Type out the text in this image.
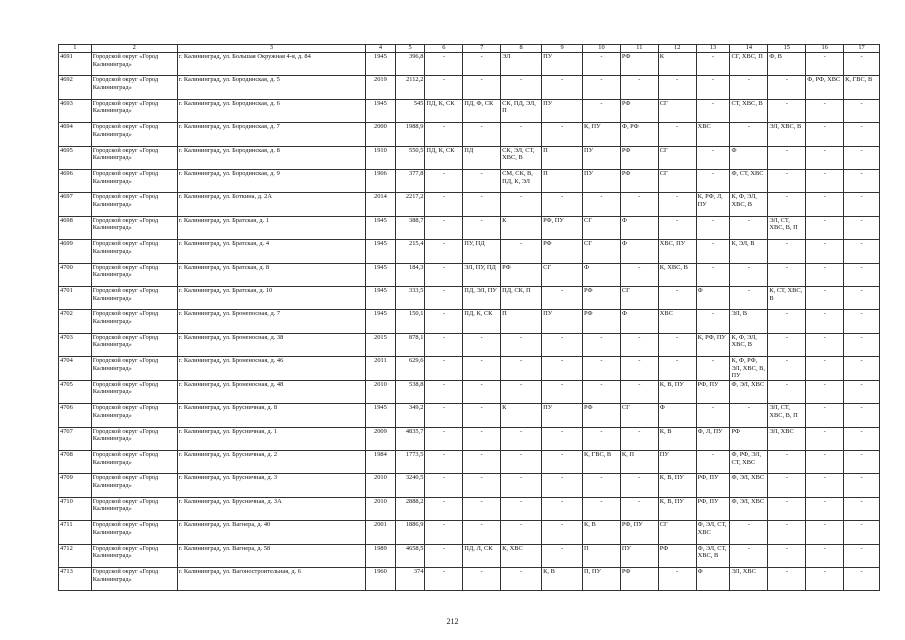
1	2	3	4	5	6	7	8	9	10	11	12	13	14	15	16	17
4691	Городской округ «Город Калининград»	г. Калининград, ул. Большая Окружная 4-я, д. 84	1945	396,8	-	-	ЭЛ	ПУ	-	РФ	К	-	СГ, ХВС, П	Ф, В	-	-
4692	Городской округ «Город Калининград»	г. Калининград, ул. Бородинская, д. 5	2019	2112,2	-	-	-	-	-	-	-	-	-	-	Ф, РФ, ХВС	К, ГВС, В
4693	Городской округ «Город Калининград»	г. Калининград, ул. Бородинская, д. 6	1945	545	ПД, К, СК	ПД, Ф, СК	СК, ПД, ЭЛ, П	ПУ	-	РФ	СГ	-	СТ, ХВС, В	-	-	-
4694	Городской округ «Город Калининград»	г. Калининград, ул. Бородинская, д. 7	2000	1988,9	-	-	-	-	К, ПУ	Ф, РФ	-	ХВС	-	ЭЛ, ХВС, В	-	-
4695	Городской округ «Город Калининград»	г. Калининград, ул. Бородинская, д. 8	1910	550,5	ПД, К, СК	ПД	СК, ЭЛ, СТ, ХВС, В	П	ПУ	РФ	СГ	-	Ф	-	-	-
4696	Городской округ «Город Калининград»	г. Калининград, ул. Бородинская, д. 9	1906	377,8	-	-	СМ, СК, В, ПД, К, ЭЛ	П	ПУ	РФ	СГ	-	Ф, СТ, ХВС	-	-	-
4697	Городской округ «Город Калининград»	г. Калининград, ул. Боткина, д. 2А	2014	2217,2	-	-	-	-	-	-	-	К, РФ, Л, ПУ	К, Ф, ЭЛ, ХВС, В	-	-	-
4698	Городской округ «Город Калининград»	г. Калининград, ул. Братская, д. 1	1945	388,7	-	-	К	РФ, ПУ	СГ	Ф	-	-	-	ЭЛ, СТ, ХВС, В, П	-	-
4699	Городской округ «Город Калининград»	г. Калининград, ул. Братская, д. 4	1945	215,4	-	ПУ, ПД	-	РФ	СГ	Ф	ХВС, ПУ	-	К, ЭЛ, В	-	-	-
4700	Городской округ «Город Калининград»	г. Калининград, ул. Братская, д. 8	1945	184,3	-	ЭЛ, ПУ, ПД	РФ	СГ	Ф	-	К, ХВС, В	-	-	-	-	-
4701	Городской округ «Город Калининград»	г. Калининград, ул. Братская, д. 10	1945	333,5	-	ПД, ЭЛ, ПУ	ПД, СК, П	-	РФ	СГ	-	Ф	-	К, СТ, ХВС, В	-	-
4702	Городской округ «Город Калининград»	г. Калининград, ул. Бронепосная, д. 7	1945	150,1	-	ПД, К, СК	П	ПУ	РФ	Ф	ХВС	-	ЭЛ, В	-	-	-
4703	Городской округ «Город Калининград»	г. Калининград, ул. Броненосная, д. 38	2015	878,1	-	-	-	-	-	-	-	К, РФ, ПУ	К, Ф, ЭЛ, ХВС, В	-	-	-
4704	Городской округ «Город Калининград»	г. Калининград, ул. Броненосная, д. 46	2011	629,6	-	-	-	-	-	-	-	-	К, Ф, РФ, ЭЛ, ХВС, В, ПУ	-	-	-
4705	Городской округ «Город Калининград»	г. Калининград, ул. Броненосная, д. 48	2010	538,8	-	-	-	-	-	-	К, В, ПУ	РФ, ПУ	Ф, ЭЛ, ХВС	-	-	-
4706	Городской округ «Город Калининград»	г. Калининград, ул. Брусничная, д. 8	1945	349,2	-	-	К	ПУ	РФ	СГ	Ф	-	-	ЭЛ, СТ, ХВС, В, П	-	-
4707	Городской округ «Город Калининград»	г. Калининград, ул. Брусничная, д. 1	2009	4835,7	-	-	-	-	-	-	К, В	Ф, Л, ПУ	РФ	ЭЛ, ХВС	-	-
4708	Городской округ «Город Калининград»	г. Калининград, ул. Брусничная, д. 2	1984	1773,5	-	-	-	-	К, ГВС, В	К, П	ПУ	-	Ф, РФ, ЭЛ, СТ, ХВС	-	-	-
4709	Городской округ «Город Калининград»	г. Калининград, ул. Брусничная, д. 3	2010	3240,5	-	-	-	-	-	-	К, В, ПУ	РФ, ПУ	Ф, ЭЛ, ХВС	-	-	-
4710	Городской округ «Город Калининград»	г. Калининград, ул. Брусничная, д. 3А	2010	2888,2	-	-	-	-	-	-	К, В, ПУ	РФ, ПУ	Ф, ЭЛ, ХВС	-	-	-
4711	Городской округ «Город Калининград»	г. Калининград, ул. Вагнера, д. 40	2001	1886,9	-	-	-	-	К, В	РФ, ПУ	СГ	Ф, ЭЛ, СТ, ХВС	-	-	-	-
4712	Городской округ «Город Калининград»	г. Калининград, ул. Вагнера, д. 58	1989	4658,5	-	ПД, Л, СК	К, ХВС	-	П	ПУ	РФ	Ф, ЭЛ, СТ, ХВС, В	-	-	-	-
4713	Городской округ «Город Калининград»	г. Калининград, ул. Вагоностроительная, д. 6	1960	374	-	-	-	К, В	П, ПУ	РФ	-	Ф	ЭЛ, ХВС	-	-	-
212
